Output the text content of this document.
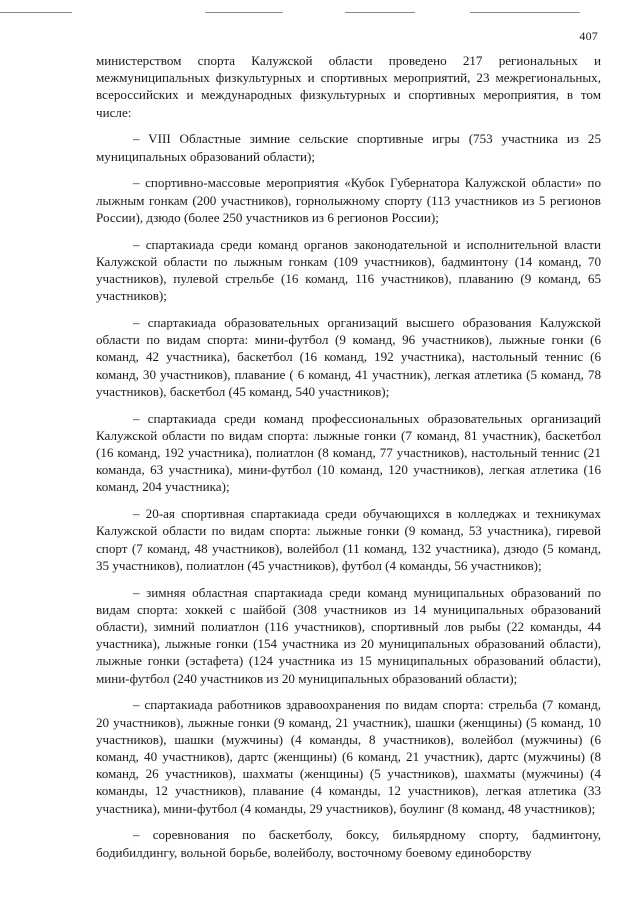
407

министерством спорта Калужской области проведено 217 региональных и межмуниципальных физкультурных и спортивных мероприятий, 23 межрегиональных, всероссийских и международных физкультурных и спортивных мероприятия, в том числе:

– VIII Областные зимние сельские спортивные игры (753 участника из 25 муниципальных образований области);

– спортивно-массовые мероприятия «Кубок Губернатора Калужской области» по лыжным гонкам (200 участников), горнолыжному спорту (113 участников из 5 регионов России), дзюдо (более 250 участников из 6 регионов России);

– спартакиада среди команд органов законодательной и исполнительной власти Калужской области по лыжным гонкам (109 участников), бадминтону (14 команд, 70 участников), пулевой стрельбе (16 команд, 116 участников), плаванию (9 команд, 65 участников);

– спартакиада образовательных организаций высшего образования Калужской области по видам спорта: мини-футбол (9 команд, 96 участников), лыжные гонки (6 команд, 42 участника), баскетбол (16 команд, 192 участника), настольный теннис (6 команд, 30 участников), плавание ( 6 команд, 41 участник), легкая атлетика (5 команд, 78 участников), баскетбол (45 команд, 540 участников);

– спартакиада среди команд профессиональных образовательных организаций Калужской области по видам спорта: лыжные гонки (7 команд, 81 участник), баскетбол (16 команд, 192 участника), полиатлон (8 команд, 77 участников), настольный теннис (21 команда, 63 участника), мини-футбол (10 команд, 120 участников), легкая атлетика (16 команд, 204 участника);

– 20-ая спортивная спартакиада среди обучающихся в колледжах и техникумах Калужской области по видам спорта: лыжные гонки (9 команд, 53 участника), гиревой спорт (7 команд, 48 участников), волейбол (11 команд, 132 участника), дзюдо (5 команд, 35 участников), полиатлон (45 участников), футбол (4 команды, 56 участников);

– зимняя областная спартакиада среди команд муниципальных образований по видам спорта: хоккей с шайбой (308 участников из 14 муниципальных образований области), зимний полиатлон (116 участников), спортивный лов рыбы (22 команды, 44 участника), лыжные гонки (154 участника из 20 муниципальных образований области), лыжные гонки (эстафета) (124 участника из 15 муниципальных образований области), мини-футбол (240 участников из 20 муниципальных образований области);

– спартакиада работников здравоохранения по видам спорта: стрельба (7 команд, 20 участников), лыжные гонки (9 команд, 21 участник), шашки (женщины) (5 команд, 10 участников), шашки (мужчины) (4 команды, 8 участников), волейбол (мужчины) (6 команд, 40 участников), дартс (женщины) (6 команд, 21 участник), дартс (мужчины) (8 команд, 26 участников), шахматы (женщины) (5 участников), шахматы (мужчины) (4 команды, 12 участников), плавание (4 команды, 12 участников), легкая атлетика (33 участника), мини-футбол (4 команды, 29 участников), боулинг (8 команд, 48 участников);

– соревнования по баскетболу, боксу, бильярдному спорту, бадминтону, бодибилдингу, вольной борьбе, волейболу, восточному боевому единоборству
